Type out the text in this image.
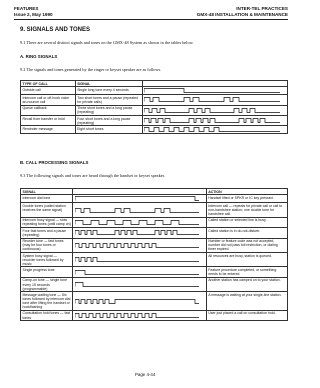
FEATURES
Issue 2, May 1990
INTER-TEL PRACTICES
GMX-48 INSTALLATION & MAINTENANCE
9. SIGNALS AND TONES
9.1 There are several distinct signals and tones on the GMX-48 System as shown in the tables below.
A. RING SIGNALS
9.2 The signals and tones generated by the ringer or keyset speaker are as follows.
TYPE OF CALL	SIGNAL	
Outside call	Single long tone every 4 seconds	

Intercom call or off-hook voice an-nounce call	Two short tones and a pause (repeated for private calls)	

Queue callback	Three short tones and a long pause (repeating)	

Recall from transfer or hold	Four short tones and a long pause (repeating)	

Reminder message	Eight short tones	
B. CALL PROCESSING SIGNALS
9.3 The following signals and tones are heard through the handset or keyset speaker.
SIGNAL		ACTION
Intercom dial tone		Handset lifted or SPKR or IC key pressed.
Double tones (called station receives the same signal)		Intercom call — repeats for private call or call to non-handsfree station; one double tone for handsfree call.
Intercom busy signal — slow repeating tones (until camp on)		Called station or selected line is busy.
Four fast tones and a pause (repeating)		Called station is in do-not-disturb.
Reorder tone — fast tones (may be four tones or continuous)		Number or feature code was not accepted, number did not pass toll restriction, or dialing timer expired.
System busy signal — recorder tones followed by music		All resources are busy, station is queued.
Single progress tone		Feature procedure completed, or something needs to be entered.
Camp-on tone — single tone every 15 seconds (programmable)		Another station has camped on to your station.
Message waiting tone — Six tones followed by intercom dial tone after lifting the handset or hookflashing		A message is waiting at your single-line station.
Consultation hold tones — fast tones		User just placed a call on consultation hold.
Page 4-44
